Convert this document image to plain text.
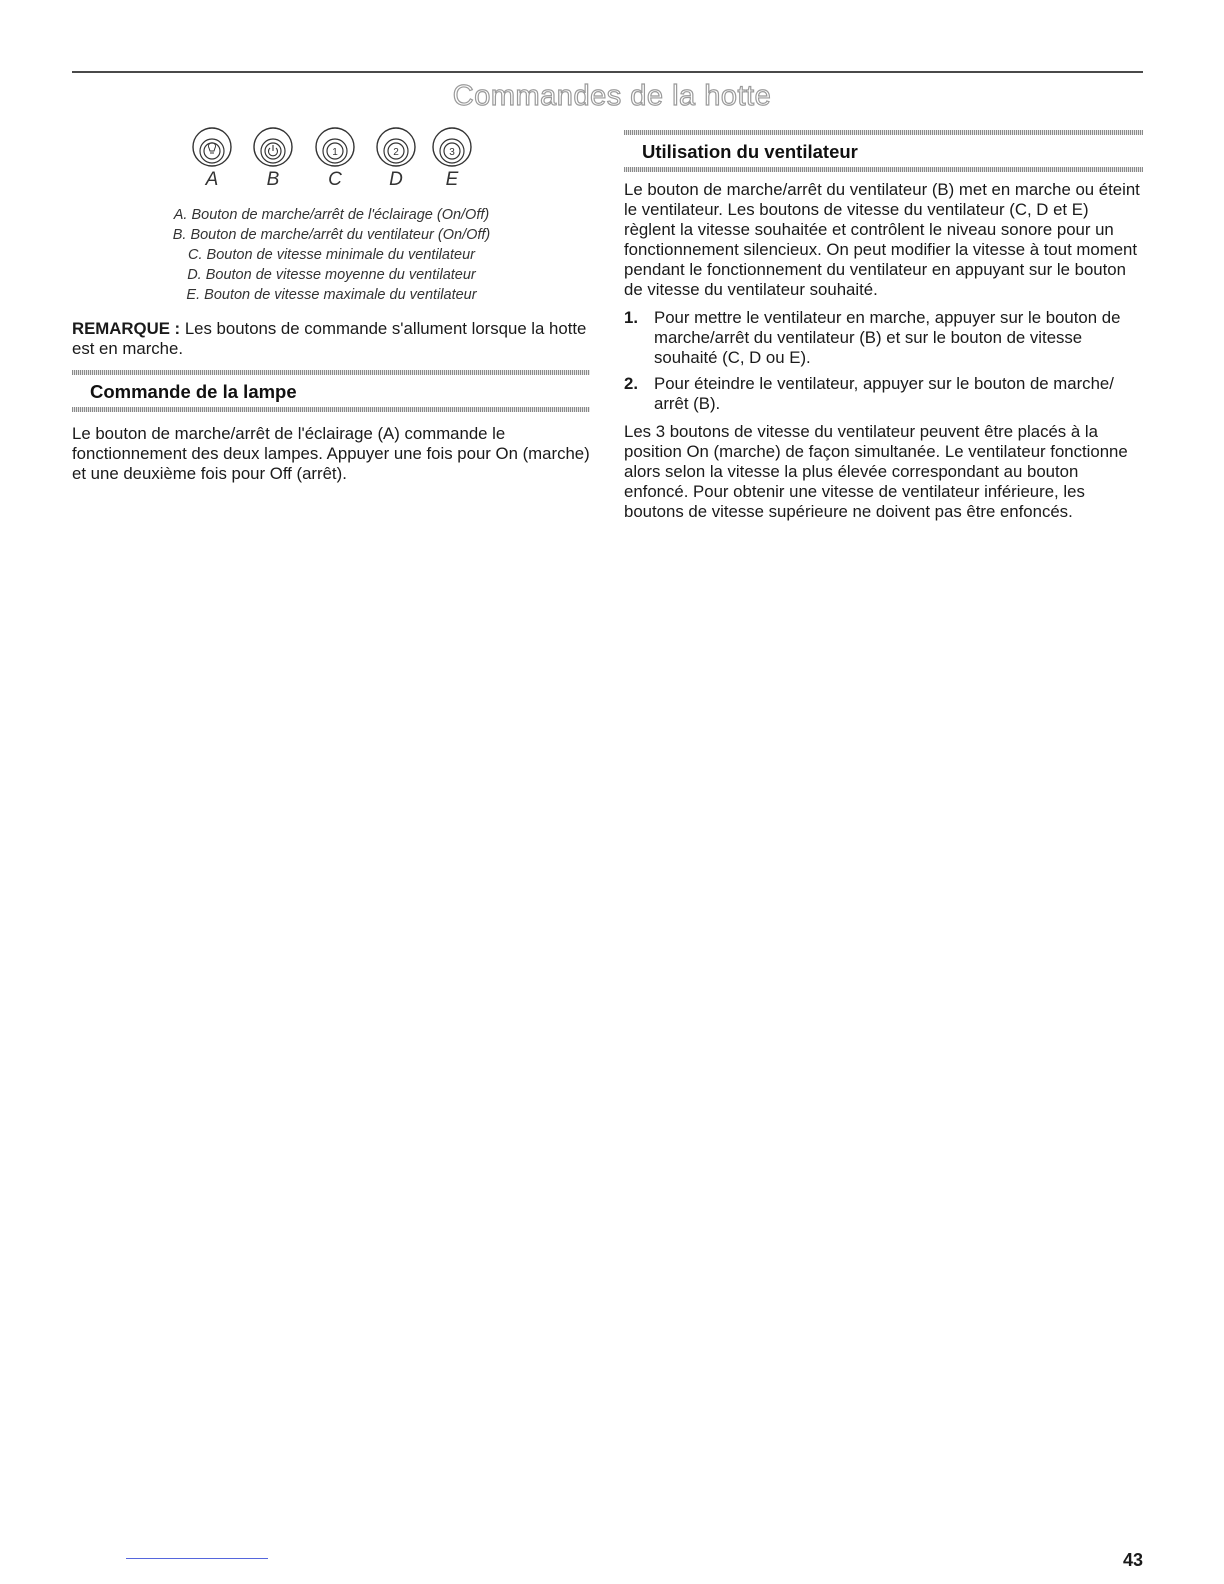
Commandes de la hotte
A	B
1
C
2
D
3
E

A. Bouton de marche/arrêt de l'éclairage (On/Off)

B. Bouton de marche/arrêt du ventilateur (On/Off)

C. Bouton de vitesse minimale du ventilateur

D. Bouton de vitesse moyenne du ventilateur

E. Bouton de vitesse maximale du ventilateur

REMARQUE : Les boutons de commande s'allument lorsque la hotte est en marche.

Commande de la lampe

Le bouton de marche/arrêt de l'éclairage (A) commande le fonctionnement des deux lampes. Appuyer une fois pour On (marche) et une deuxième fois pour Off (arrêt).

Utilisation du ventilateur

Le bouton de marche/arrêt du ventilateur (B) met en marche ou éteint le ventilateur. Les boutons de vitesse du ventilateur (C, D et E) règlent la vitesse souhaitée et contrôlent le niveau sonore pour un fonctionnement silencieux. On peut modifier la vitesse à tout moment pendant le fonctionnement du ventilateur en appuyant sur le bouton de vitesse du ventilateur souhaité.

1. Pour mettre le ventilateur en marche, appuyer sur le bouton de marche/arrêt du ventilateur (B) et sur le bouton de vitesse souhaité (C, D ou E).
2. Pour éteindre le ventilateur, appuyer sur le bouton de marche/ arrêt (B).

Les 3 boutons de vitesse du ventilateur peuvent être placés à la position On (marche) de façon simultanée. Le ventilateur fonctionne alors selon la vitesse la plus élevée correspondant au bouton enfoncé. Pour obtenir une vitesse de ventilateur inférieure, les boutons de vitesse supérieure ne doivent pas être enfoncés.

43
